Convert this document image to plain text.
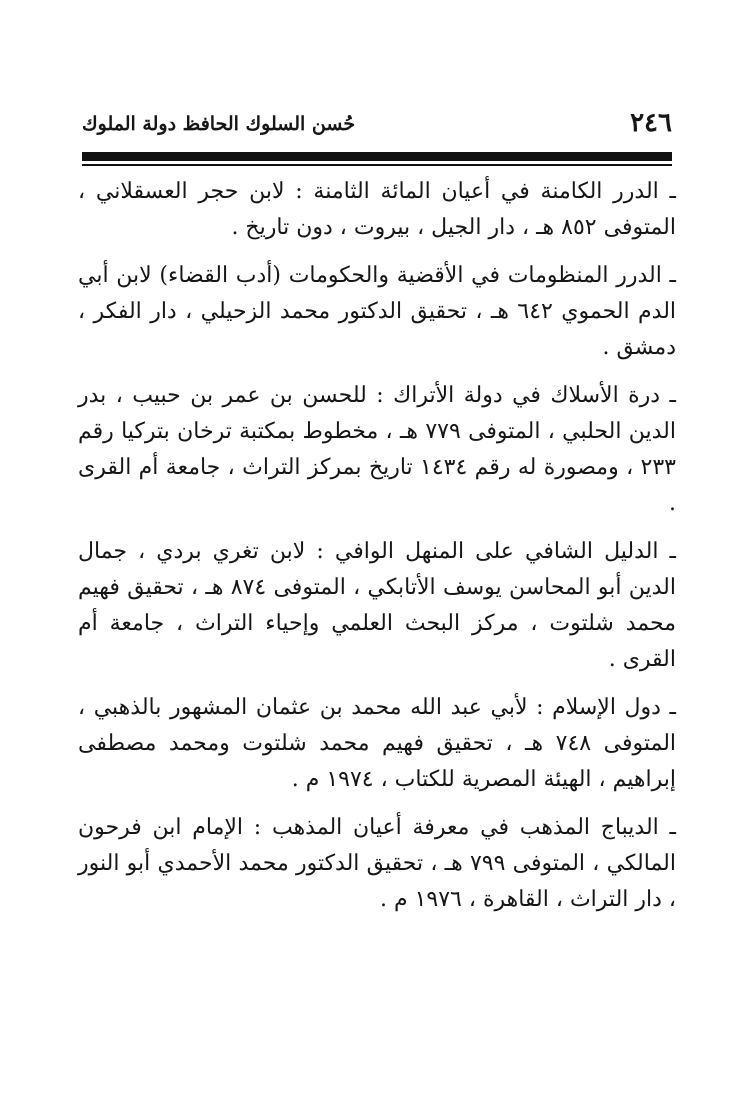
٢٤٦
حُسن السلوك الحافظ دولة الملوك

ـ الدرر الكامنة في أعيان المائة الثامنة : لابن حجر العسقلاني ، المتوفى ٨٥٢ هـ ، دار الجيل ، بيروت ، دون تاريخ .

ـ الدرر المنظومات في الأقضية والحكومات (أدب القضاء) لابن أبي الدم الحموي ٦٤٢ هـ ، تحقيق الدكتور محمد الزحيلي ، دار الفكر ، دمشق .

ـ درة الأسلاك في دولة الأتراك : للحسن بن عمر بن حبيب ، بدر الدين الحلبي ، المتوفى ٧٧٩ هـ ، مخطوط بمكتبة ترخان بتركيا رقم ٢٣٣ ، ومصورة له رقم ١٤٣٤ تاريخ بمركز التراث ، جامعة أم القرى .

ـ الدليل الشافي على المنهل الوافي : لابن تغري بردي ، جمال الدين أبو المحاسن يوسف الأتابكي ، المتوفى ٨٧٤ هـ ، تحقيق فهيم محمد شلتوت ، مركز البحث العلمي وإحياء التراث ، جامعة أم القرى .

ـ دول الإسلام : لأبي عبد الله محمد بن عثمان المشهور بالذهبي ، المتوفى ٧٤٨ هـ ، تحقيق فهيم محمد شلتوت ومحمد مصطفى إبراهيم ، الهيئة المصرية للكتاب ، ١٩٧٤ م .

ـ الديباج المذهب في معرفة أعيان المذهب : الإمام ابن فرحون المالكي ، المتوفى ٧٩٩ هـ ، تحقيق الدكتور محمد الأحمدي أبو النور ، دار التراث ، القاهرة ، ١٩٧٦ م .
